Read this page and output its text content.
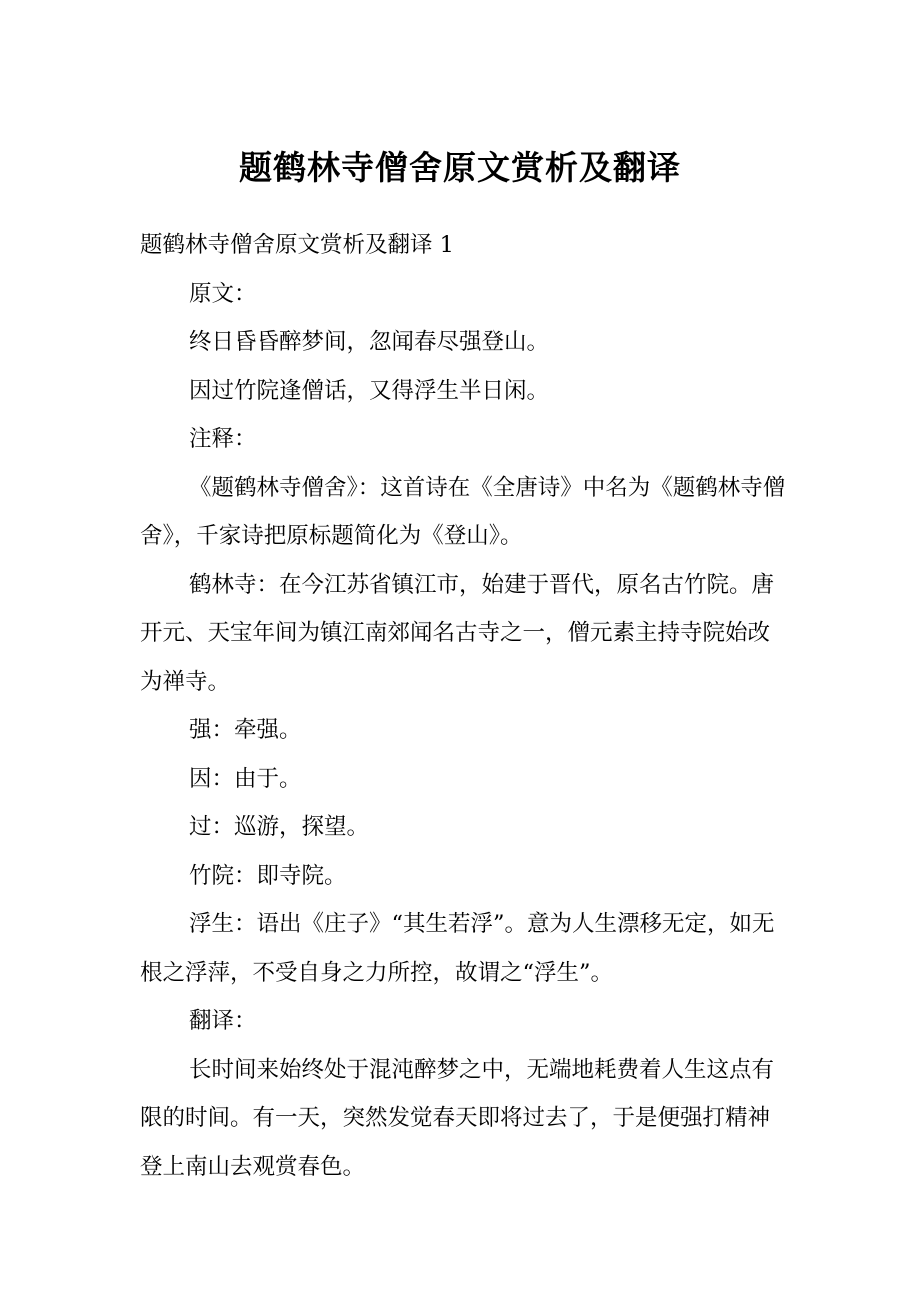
题鹤林寺僧舍原文赏析及翻译

题鹤林寺僧舍原文赏析及翻译 1

原文：

终日昏昏醉梦间，忽闻春尽强登山。

因过竹院逢僧话，又得浮生半日闲。

注释：

《题鹤林寺僧舍》：这首诗在《全唐诗》中名为《题鹤林寺僧舍》，千家诗把原标题简化为《登山》。

鹤林寺：在今江苏省镇江市，始建于晋代，原名古竹院。唐开元、天宝年间为镇江南郊闻名古寺之一，僧元素主持寺院始改为禅寺。

强：牵强。

因：由于。

过：巡游，探望。

竹院：即寺院。

浮生：语出《庄子》“其生若浮”。意为人生漂移无定，如无根之浮萍，不受自身之力所控，故谓之“浮生”。

翻译：

长时间来始终处于混沌醉梦之中，无端地耗费着人生这点有限的时间。有一天，突然发觉春天即将过去了，于是便强打精神登上南山去观赏春色。
